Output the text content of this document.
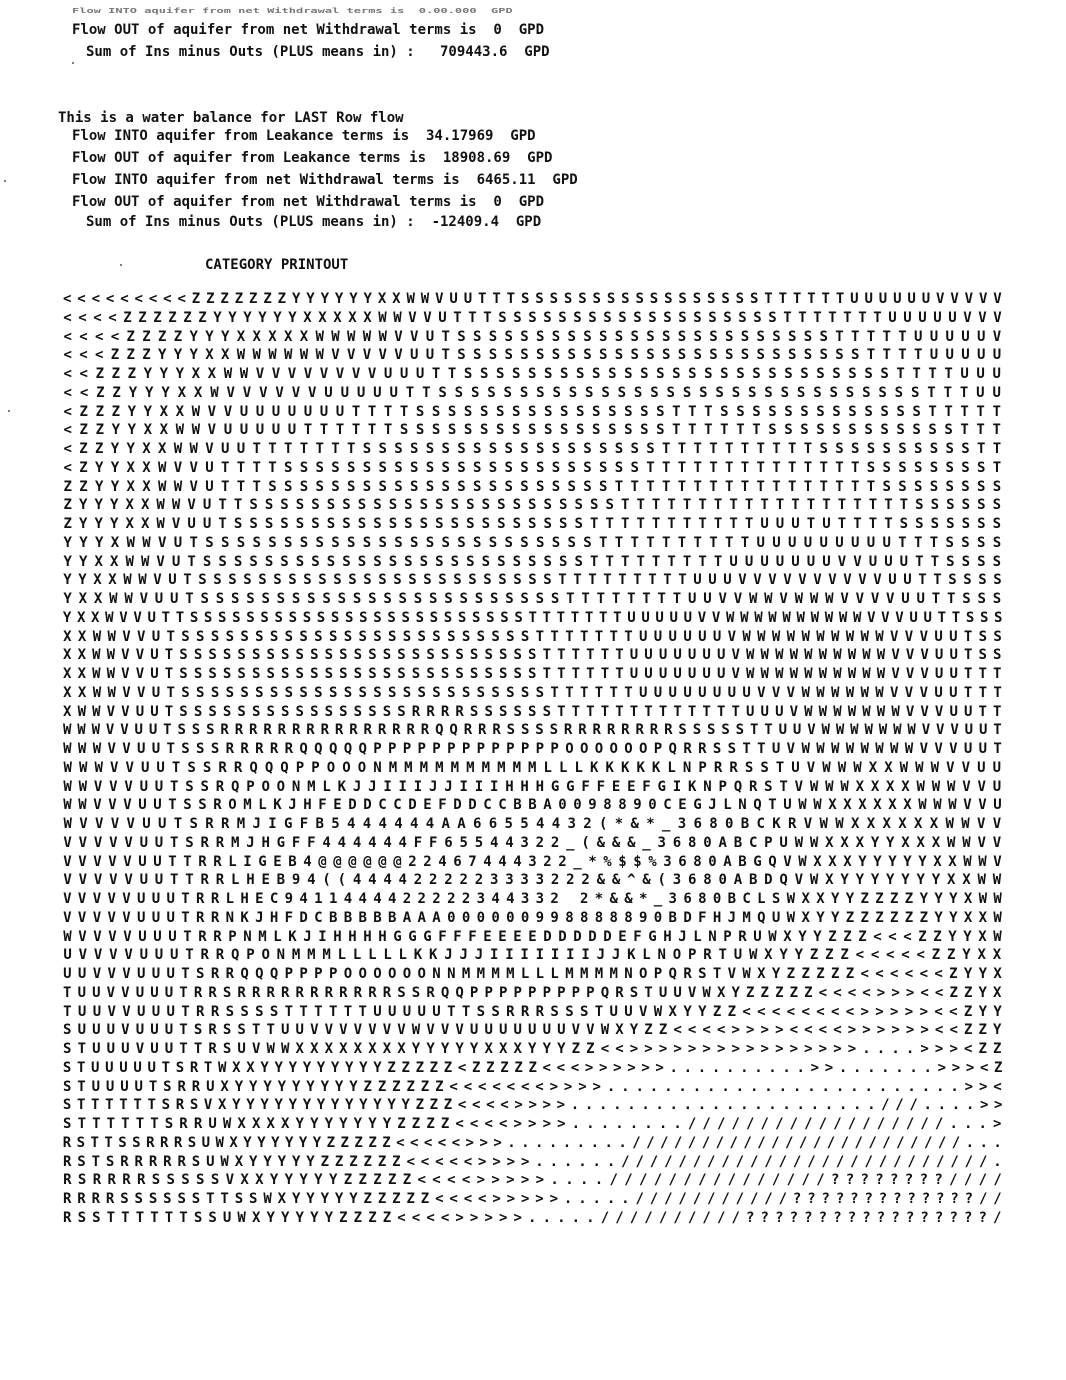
Flow INTO aquifer from net Withdrawal terms is  0.00.000  GPD
Flow OUT of aquifer from net Withdrawal terms is  0  GPD
Sum of Ins minus Outs (PLUS means in) :   709443.6  GPD
This is a water balance for LAST Row flow
Flow INTO aquifer from Leakance terms is  34.17969  GPD
Flow OUT of aquifer from Leakance terms is  18908.69  GPD
Flow INTO aquifer from net Withdrawal terms is  6465.11  GPD
Flow OUT of aquifer from net Withdrawal terms is  0  GPD
Sum of Ins minus Outs (PLUS means in) :  -12409.4  GPD
CATEGORY PRINTOUT
< < < < < < < < < Z Z Z Z Z Z Z Y Y Y Y Y Y X X W W V U U T T T S S S S S S S S S S S S S S S S S T T T T T T U U U U U U V V V V V
< < < < Z Z Z Z Z Z Y Y Y Y Y Y X X X X X W W V V U T T T S S S S S S S S S S S S S S S S S S S T T T T T T T U U U U U V V V
< < < < Z Z Z Z Y Y Y X X X X X W W W W W V V U T S S S S S S S S S S S S S S S S S S S S S S S S T T T T T U U U U U V
< < < Z Z Z Y Y Y X X W W W W W W V V V V V U U T S S S S S S S S S S S S S S S S S S S S S S S S S S T T T T U U U U U
< < Z Z Z Y Y Y X X W W V V V V V V V V U U U T T S S S S S S S S S S S S S S S S S S S S S S S S S S S T T T T U U U
< < Z Z Y Y Y X X W V V V V V V U U U U U T T S S S S S S S S S S S S S S S S S S S S S S S S S S S S S S T T T U U
< Z Z Z Y Y X X W V V U U U U U U U T T T T S S S S S S S S S S S S S S S S T T T S S S S S S S S S S S S S T T T T T
< Z Z Y Y X X W W V U U U U U T T T T T T S S S S S S S S S S S S S S S S S T T T T T T S S S S S S S S S S S S T T T
< Z Z Y Y X X W W V U U T T T T T T T S S S S S S S S S S S S S S S S S S S T T T T T T T T T T S S S S S S S S S S T T
< Z Y Y X X W V V U T T T T S S S S S S S S S S S S S S S S S S S S S S S T T T T T T T T T T T T T T S S S S S S S S T
Z Z Y Y X X W W V U T T T S S S S S S S S S S S S S S S S S S S S S S T T T T T T T T T T T T T T T T T S S S S S S S S
Z Y Y Y X X W W V U T T S S S S S S S S S S S S S S S S S S S S S S S S T T T T T T T T T T T T T T T T T T T S S S S S S
Z Y Y Y X X W V U U T S S S S S S S S S S S S S S S S S S S S S S S T T T T T T T T T T T U U U T U T T T T S S S S S S S
Y Y Y X W W V U T S S S S S S S S S S S S S S S S S S S S S S S S S T T T T T T T T T T U U U U U U U U U T T T S S S S
Y Y X X W W V U T S S S S S S S S S S S S S S S S S S S S S S S S S T T T T T T T T T U U U U U U U V V U U U T T S S S S
Y Y X X W W V U T S S S S S S S S S S S S S S S S S S S S S S S S T T T T T T T T T U U U V V V V V V V V V V U U T T S S S S
Y X X W W V U U T S S S S S S S S S S S S S S S S S S S S S S S S T T T T T T T T U U V V W W V W W W V V V V U U T T S S S
Y X X W V V U T T S S S S S S S S S S S S S S S S S S S S S S S S T T T T T T T U U U U U V V W W W W W W W W W W V V V U U T T S S S
X X W W V V U T S S S S S S S S S S S S S S S S S S S S S S S S T T T T T T T U U U U U U V W W W W W W W W W W V V V U U T S S
X X W W V V U T S S S S S S S S S S S S S S S S S S S S S S S S S T T T T T T U U U U U U U V W W W W W W W W W W V V V U U T S S
X X W W V V U T S S S S S S S S S S S S S S S S S S S S S S S S S T T T T T T U U U U U U U V W W W W W W W W W W V V V U U T T T
X X W W V V U T S S S S S S S S S S S S S S S S S S S S S S S S S T T T T T T U U U U U U U U V V V W W W W W W V V V U U T T T
X W W V V U U T S S S S S S S S S S S S S S S S R R R R S S S S S S T T T T T T T T T T T T T U U U V W W W W W W W V V V U U T T
W W W V V U U T S S S R R R R R R R R R R R R R R R Q Q R R R S S S S R R R R R R R R S S S S S T T U U V W W W W W W W V V V U U T
W W W V V U U T S S S R R R R R Q Q Q Q Q P P P P P P P P P P P P P O O O O O O P Q R R S S T T U V W W W W W W W W V V V U U T
W W W V V U U T S S R R Q Q Q P P O O O N M M M M M M M M M M L L L K K K K K L N P R R S S T U V W W W X X W W W V V U U
W W V V V U U T S S R Q P O O N M L K J J I I I J J I I I H H H G G F F E E F G I K N P Q R S T V W W W X X X X W W W V V U
W W V V V U U T S S R O M L K J H F E D D C C D E F D D C C B B A 0 0 9 8 8 9 0 C E G J L N Q T U W W X X X X X X W W W V V U
W V V V V U U T S R R M J I G F B 5 4 4 4 4 4 4 A A 6 6 5 5 4 4 3 2 ( * & * _ 3 6 8 0 B C K R V W W X X X X X X W W V V
V V V V V U U T S R R M J H G F F 4 4 4 4 4 4 F F 6 5 5 4 4 3 2 2 _ ( & & & _ 3 6 8 0 A B C P U W W X X X Y Y X X X W W V V
V V V V V U U T T R R L I G E B 4 @ @ @ @ @ @ 2 2 4 6 7 4 4 4 3 2 2 _ * % $ $ % 3 6 8 0 A B G Q V W X X X Y Y Y Y Y X X W W V
V V V V V U U T T R R L H E B 9 4 ( ( 4 4 4 4 2 2 2 2 2 3 3 3 3 2 2 2 & & ^ & ( 3 6 8 0 A B D Q V W X Y Y Y Y Y Y Y X X W W
V V V V V U U U T R R L H E C 9 4 1 1 4 4 4 4 2 2 2 2 2 3 4 4 3 3 2 2 * & & * _ 3 6 8 0 B C L S W X X Y Y Z Z Z Z Y Y Y X W W
V V V V V U U U T R R N K J H F D C B B B B B A A A 0 0 0 0 0 0 9 9 8 8 8 8 8 9 0 B D F H J M Q U W X Y Y Z Z Z Z Z Z Y Y X X W
W V V V V U U U T R R P N M L K J I H H H H G G G F F F E E E E D D D D D E F G H J L N P R U W X Y Y Z Z Z < < < Z Z Y Y X W
U V V V V U U U T R R Q P O N M M M L L L L L K K J J J I I I I I I I J J K L N O P R T U W X Y Y Z Z Z < < < < < Z Z Y X X
U U V V V U U U T S R R Q Q Q P P P P O O O O O O N N M M M M L L L M M M M N O P Q R S T V W X Y Z Z Z Z Z < < < < < < Z Y Y X
T U U V V U U U T R R S R R R R R R R R R R R S S R Q Q P P P P P P P P P Q R S T U U V W X Y Z Z Z Z Z < < < < > > > < < Z Z Y X
T U U V V U U U T R R S S S S T T T T T T U U U U U T T S S R R R S S S T U U V W X Y Y Z Z < < < < < < < < > > > > > < < Z Y Y
S U U U V U U U T S R S S T T U U V V V V V V V W V V V U U U U U U U V V W X Y Z Z < < < < > > > > < < < < > > > > > > < < Z Z Y
S T U U U V U U T T R S U V W W X X X X X X X X Y Y Y Y Y X X X Y Y Y Z Z < < > > > > > > > > > > > > > > > > . . . . > > > < Z Z
S T U U U U U T S R T W X X Y Y Y Y Y Y Y Y Y Z Z Z Z Z < Z Z Z Z Z < < < > > > > > > . . . . . . . . . . > > . . . . . . . > > > < Z
S T U U U U T S R R U X Y Y Y Y Y Y Y Y Y Z Z Z Z Z Z < < < < < < < > > > > . . . . . . . . . . . . . . . . . . . . . . . . . > > <
S T T T T T T S R S V X Y Y Y Y Y Y Y Y Y Y Y Y Y Z Z Z < < < < > > > > . . . . . . . . . . . . . . . . . . . . . . / / / . . . . > >
S T T T T T T S R R U W X X X X Y Y Y Y Y Y Y Z Z Z Z < < < < > > > > . . . . . . . . / / / / / / / / / / / / / / / / / / . . . >
R S T T S S R R R S U W X Y Y Y Y Y Y Z Z Z Z Z < < < < < > > > . . . . . . . . . / / / / / / / / / / / / / / / / / / / / / / / / . . .
R S T S R R R R R S U W X Y Y Y Y Y Z Z Z Z Z Z < < < < < > > > > . . . . . . / / / / / / / / / / / / / / / / / / / / / / / / / / .
R S R R R R S S S S S V X X Y Y Y Y Y Z Z Z Z Z < < < < > > > > > . . . . / / / / / / / / / / / / / / / ? ? ? ? ? ? ? ? / / / /
R R R R S S S S S S T T S S W X Y Y Y Y Y Z Z Z Z Z < < < < > > > > > . . . . . / / / / / / / / / / / ? ? ? ? ? ? ? ? ? ? ? ? ? / /
R S S T T T T T T S S U W X Y Y Y Y Y Z Z Z Z < < < < > > > > > . . . . . / / / / / / / / / / ? ? ? ? ? ? ? ? ? ? ? ? ? ? ? ? ? /
